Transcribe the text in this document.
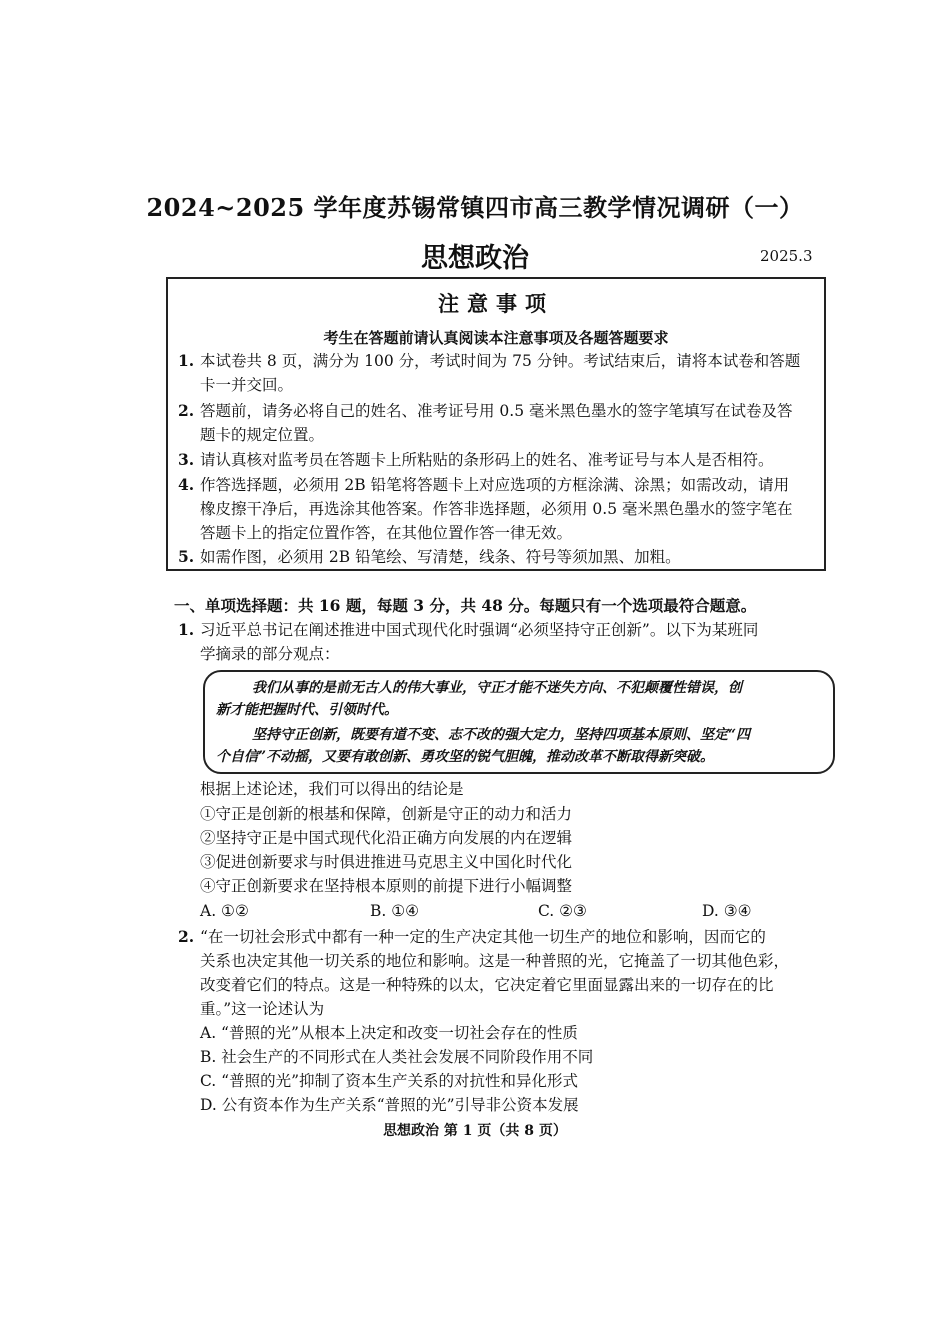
2024~2025 学年度苏锡常镇四市高三教学情况调研（一）
思想政治	2025.3
注意事项
考生在答题前请认真阅读本注意事项及各题答题要求
1. 本试卷共 8 页，满分为 100 分，考试时间为 75 分钟。考试结束后，请将本试卷和答题
卡一并交回。
2. 答题前，请务必将自己的姓名、准考证号用 0.5 毫米黑色墨水的签字笔填写在试卷及答
题卡的规定位置。
3. 请认真核对监考员在答题卡上所粘贴的条形码上的姓名、准考证号与本人是否相符。
4. 作答选择题，必须用 2B 铅笔将答题卡上对应选项的方框涂满、涂黑；如需改动，请用
橡皮擦干净后，再选涂其他答案。作答非选择题，必须用 0.5 毫米黑色墨水的签字笔在
答题卡上的指定位置作答，在其他位置作答一律无效。
5. 如需作图，必须用 2B 铅笔绘、写清楚，线条、符号等须加黑、加粗。
一、单项选择题：共 16 题，每题 3 分，共 48 分。每题只有一个选项最符合题意。
1. 习近平总书记在阐述推进中国式现代化时强调“必须坚持守正创新”。以下为某班同
学摘录的部分观点：
我们从事的是前无古人的伟大事业，守正才能不迷失方向、不犯颠覆性错误，创
新才能把握时代、引领时代。
坚持守正创新，既要有道不变、志不改的强大定力，坚持四项基本原则、坚定“四
个自信”不动摇，又要有敢创新、勇攻坚的锐气胆魄，推动改革不断取得新突破。
根据上述论述，我们可以得出的结论是
①守正是创新的根基和保障，创新是守正的动力和活力
②坚持守正是中国式现代化沿正确方向发展的内在逻辑
③促进创新要求与时俱进推进马克思主义中国化时代化
④守正创新要求在坚持根本原则的前提下进行小幅调整
A. ①②	B. ①④	C. ②③	D. ③④
2. “在一切社会形式中都有一种一定的生产决定其他一切生产的地位和影响，因而它的
关系也决定其他一切关系的地位和影响。这是一种普照的光，它掩盖了一切其他色彩，
改变着它们的特点。这是一种特殊的以太，它决定着它里面显露出来的一切存在的比
重。”这一论述认为
A. “普照的光”从根本上决定和改变一切社会存在的性质
B. 社会生产的不同形式在人类社会发展不同阶段作用不同
C. “普照的光”抑制了资本生产关系的对抗性和异化形式
D. 公有资本作为生产关系“普照的光”引导非公资本发展
思想政治 第 1 页（共 8 页）
